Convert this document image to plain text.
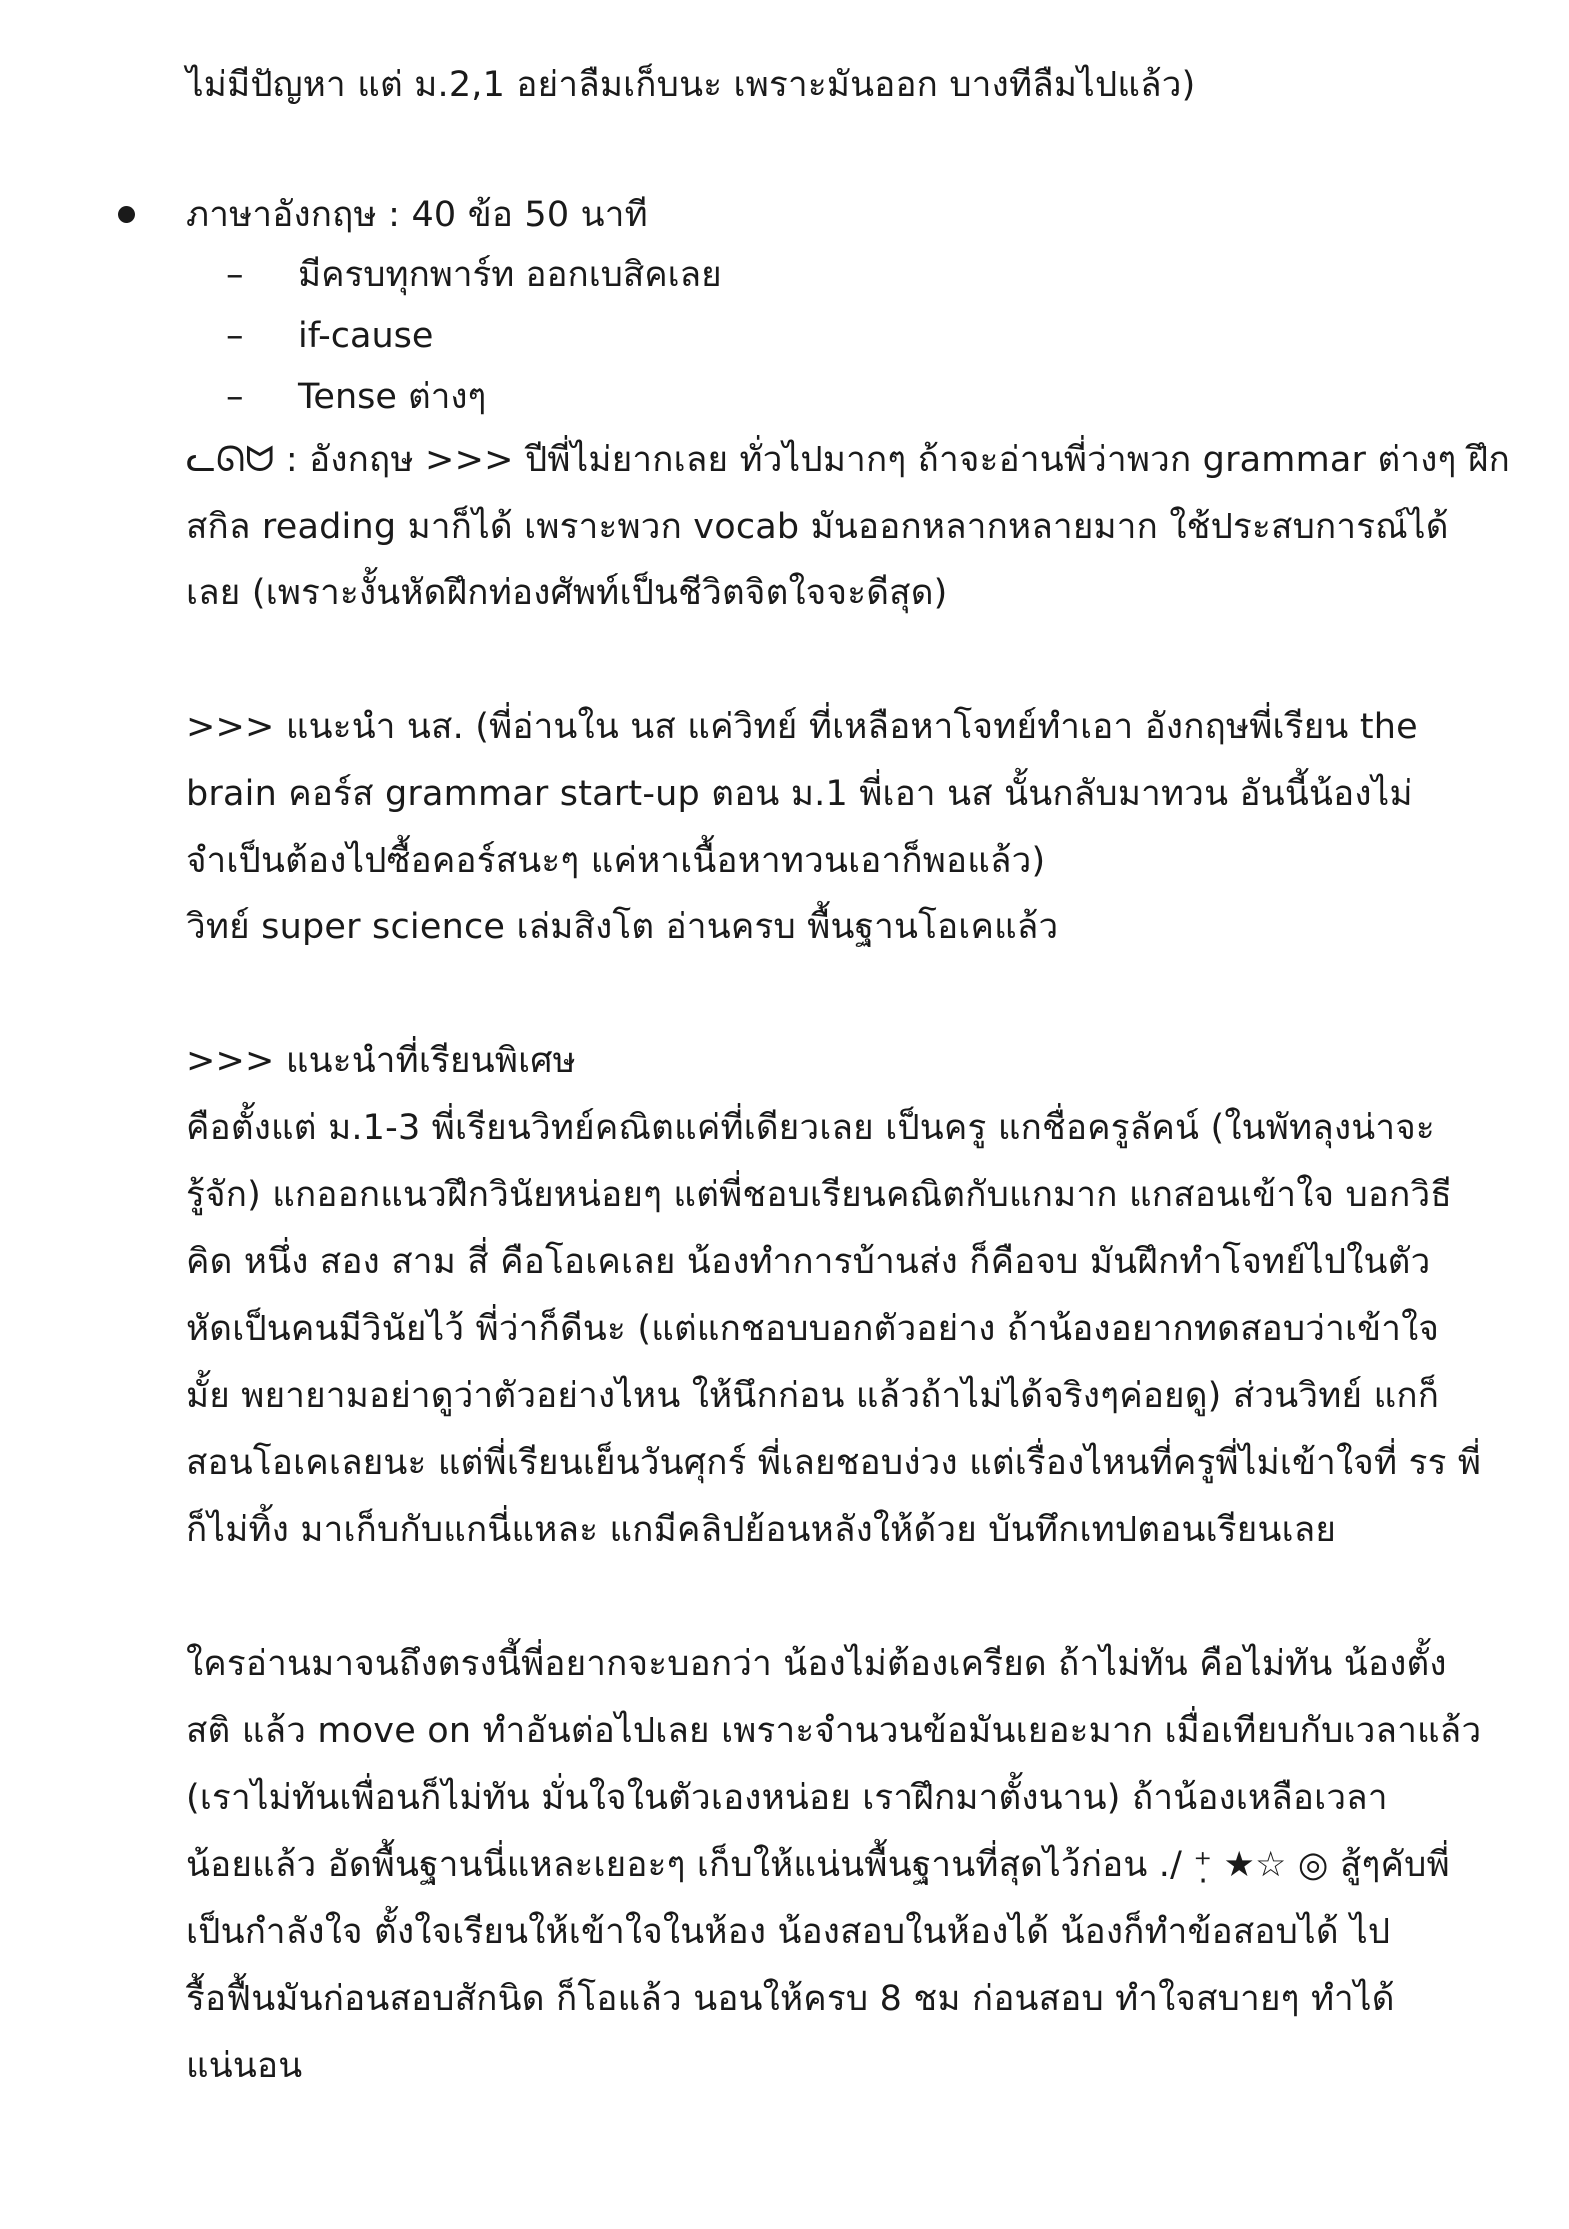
ไม่มีปัญหา แต่ ม.2,1 อย่าลืมเก็บนะ เพราะมันออก บางทีลืมไปแล้ว)
ภาษาอังกฤษ : 40 ข้อ 50 นาที
– มีครบทุกพาร์ท ออกเบสิคเลย
– if-cause
– Tense ต่างๆ
ᓚᘏᗢ : อังกฤษ >>> ปีพี่ไม่ยากเลย ทั่วไปมากๆ ถ้าจะอ่านพี่ว่าพวก grammar ต่างๆ ฝึก
สกิล reading มาก็ได้ เพราะพวก vocab มันออกหลากหลายมาก ใช้ประสบการณ์ได้
เลย (เพราะงั้นหัดฝึกท่องศัพท์เป็นชีวิตจิตใจจะดีสุด)
>>> แนะนำ นส. (พี่อ่านใน นส แค่วิทย์ ที่เหลือหาโจทย์ทำเอา อังกฤษพี่เรียน the
brain คอร์ส grammar start-up ตอน ม.1 พี่เอา นส นั้นกลับมาทวน อันนี้น้องไม่
จำเป็นต้องไปซื้อคอร์สนะๆ แค่หาเนื้อหาทวนเอาก็พอแล้ว)
วิทย์ super science เล่มสิงโต อ่านครบ พื้นฐานโอเคแล้ว
>>> แนะนำที่เรียนพิเศษ
คือตั้งแต่ ม.1-3 พี่เรียนวิทย์คณิตแค่ที่เดียวเลย เป็นครู แกชื่อครูลัคน์ (ในพัทลุงน่าจะ
รู้จัก) แกออกแนวฝึกวินัยหน่อยๆ แต่พี่ชอบเรียนคณิตกับแกมาก แกสอนเข้าใจ บอกวิธี
คิด หนึ่ง สอง สาม สี่ คือโอเคเลย น้องทำการบ้านส่ง ก็คือจบ มันฝึกทำโจทย์ไปในตัว
หัดเป็นคนมีวินัยไว้ พี่ว่าก็ดีนะ (แต่แกชอบบอกตัวอย่าง ถ้าน้องอยากทดสอบว่าเข้าใจ
มั้ย พยายามอย่าดูว่าตัวอย่างไหน ให้นึกก่อน แล้วถ้าไม่ได้จริงๆค่อยดู) ส่วนวิทย์ แกก็
สอนโอเคเลยนะ แต่พี่เรียนเย็นวันศุกร์ พี่เลยชอบง่วง แต่เรื่องไหนที่ครูพี่ไม่เข้าใจที่ รร พี่
ก็ไม่ทิ้ง มาเก็บกับแกนี่แหละ แกมีคลิปย้อนหลังให้ด้วย บันทึกเทปตอนเรียนเลย
ใครอ่านมาจนถึงตรงนี้พี่อยากจะบอกว่า น้องไม่ต้องเครียด ถ้าไม่ทัน คือไม่ทัน น้องตั้ง
สติ แล้ว move on ทำอันต่อไปเลย เพราะจำนวนข้อมันเยอะมาก เมื่อเทียบกับเวลาแล้ว
(เราไม่ทันเพื่อนก็ไม่ทัน มั่นใจในตัวเองหน่อย เราฝึกมาตั้งนาน) ถ้าน้องเหลือเวลา
น้อยแล้ว อัดพื้นฐานนี่แหละเยอะๆ เก็บให้แน่นพื้นฐานที่สุดไว้ก่อน ./ ⁺̣ ★☆ ◎ สู้ๆคับพี่
เป็นกำลังใจ ตั้งใจเรียนให้เข้าใจในห้อง น้องสอบในห้องได้ น้องก็ทำข้อสอบได้ ไป
รื้อฟื้นมันก่อนสอบสักนิด ก็โอแล้ว นอนให้ครบ 8 ชม ก่อนสอบ ทำใจสบายๆ ทำได้
แน่นอน
